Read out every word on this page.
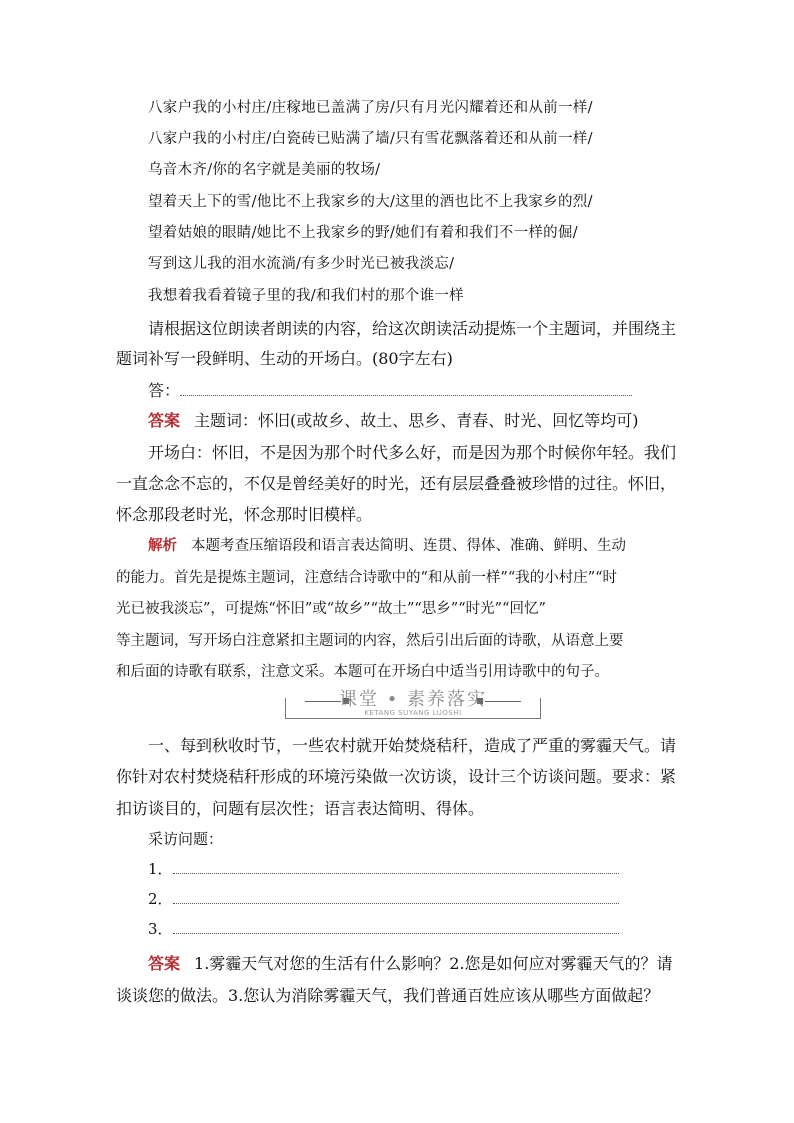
八家户我的小村庄/庄稼地已盖满了房/只有月光闪耀着还和从前一样/
八家户我的小村庄/白瓷砖已贴满了墙/只有雪花飘落着还和从前一样/
乌音木齐/你的名字就是美丽的牧场/
望着天上下的雪/他比不上我家乡的大/这里的酒也比不上我家乡的烈/
望着姑娘的眼睛/她比不上我家乡的野/她们有着和我们不一样的倔/
写到这儿我的泪水流淌/有多少时光已被我淡忘/
我想着我看着镜子里的我/和我们村的那个谁一样
请根据这位朗读者朗读的内容，给这次朗读活动提炼一个主题词，并围绕主
题词补写一段鲜明、生动的开场白。(80字左右)
答：
答案 主题词：怀旧(或故乡、故土、思乡、青春、时光、回忆等均可)
开场白：怀旧，不是因为那个时代多么好，而是因为那个时候你年轻。我们
一直念念不忘的，不仅是曾经美好的时光，还有层层叠叠被珍惜的过往。怀旧，
怀念那段老时光，怀念那时旧模样。
解析 本题考查压缩语段和语言表达简明、连贯、得体、准确、鲜明、生动
的能力。首先是提炼主题词，注意结合诗歌中的“和从前一样”“我的小村庄”“时
光已被我淡忘”，可提炼“怀旧”或“故乡”“故土”“思乡”“时光”“回忆”
等主题词，写开场白注意紧扣主题词的内容，然后引出后面的诗歌，从语意上要
和后面的诗歌有联系，注意文采。本题可在开场白中适当引用诗歌中的句子。
课堂 • 素养落实
KETANG SUYANG LUOSHI
一、每到秋收时节，一些农村就开始焚烧秸秆，造成了严重的雾霾天气。请
你针对农村焚烧秸秆形成的环境污染做一次访谈，设计三个访谈问题。要求：紧
扣访谈目的，问题有层次性；语言表达简明、得体。
采访问题：
1．
2．
3．
答案 1.雾霾天气对您的生活有什么影响？2.您是如何应对雾霾天气的？请
谈谈您的做法。3.您认为消除雾霾天气，我们普通百姓应该从哪些方面做起？
